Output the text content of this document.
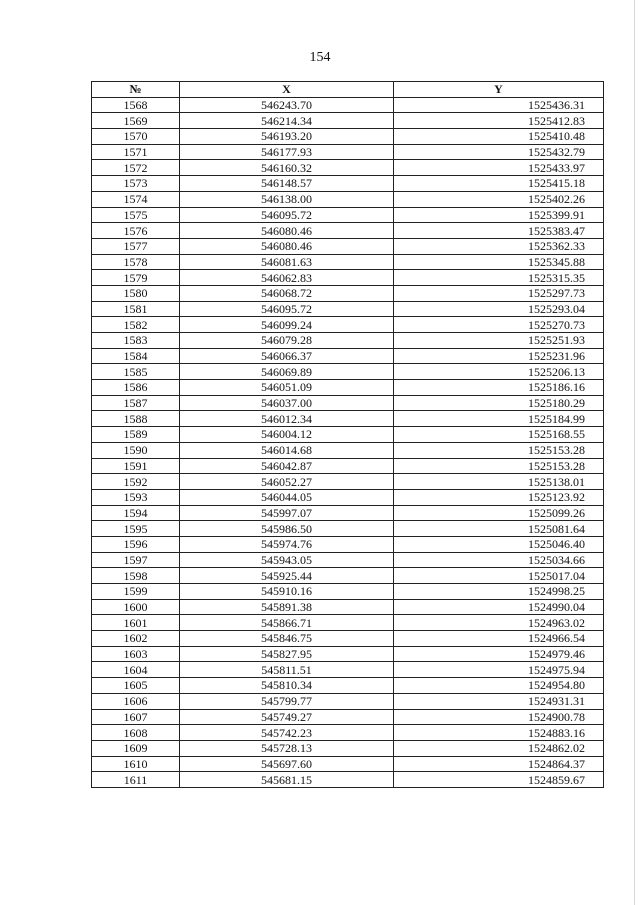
154
№	X	Y
1568	546243.70	1525436.31
1569	546214.34	1525412.83
1570	546193.20	1525410.48
1571	546177.93	1525432.79
1572	546160.32	1525433.97
1573	546148.57	1525415.18
1574	546138.00	1525402.26
1575	546095.72	1525399.91
1576	546080.46	1525383.47
1577	546080.46	1525362.33
1578	546081.63	1525345.88
1579	546062.83	1525315.35
1580	546068.72	1525297.73
1581	546095.72	1525293.04
1582	546099.24	1525270.73
1583	546079.28	1525251.93
1584	546066.37	1525231.96
1585	546069.89	1525206.13
1586	546051.09	1525186.16
1587	546037.00	1525180.29
1588	546012.34	1525184.99
1589	546004.12	1525168.55
1590	546014.68	1525153.28
1591	546042.87	1525153.28
1592	546052.27	1525138.01
1593	546044.05	1525123.92
1594	545997.07	1525099.26
1595	545986.50	1525081.64
1596	545974.76	1525046.40
1597	545943.05	1525034.66
1598	545925.44	1525017.04
1599	545910.16	1524998.25
1600	545891.38	1524990.04
1601	545866.71	1524963.02
1602	545846.75	1524966.54
1603	545827.95	1524979.46
1604	545811.51	1524975.94
1605	545810.34	1524954.80
1606	545799.77	1524931.31
1607	545749.27	1524900.78
1608	545742.23	1524883.16
1609	545728.13	1524862.02
1610	545697.60	1524864.37
1611	545681.15	1524859.67
